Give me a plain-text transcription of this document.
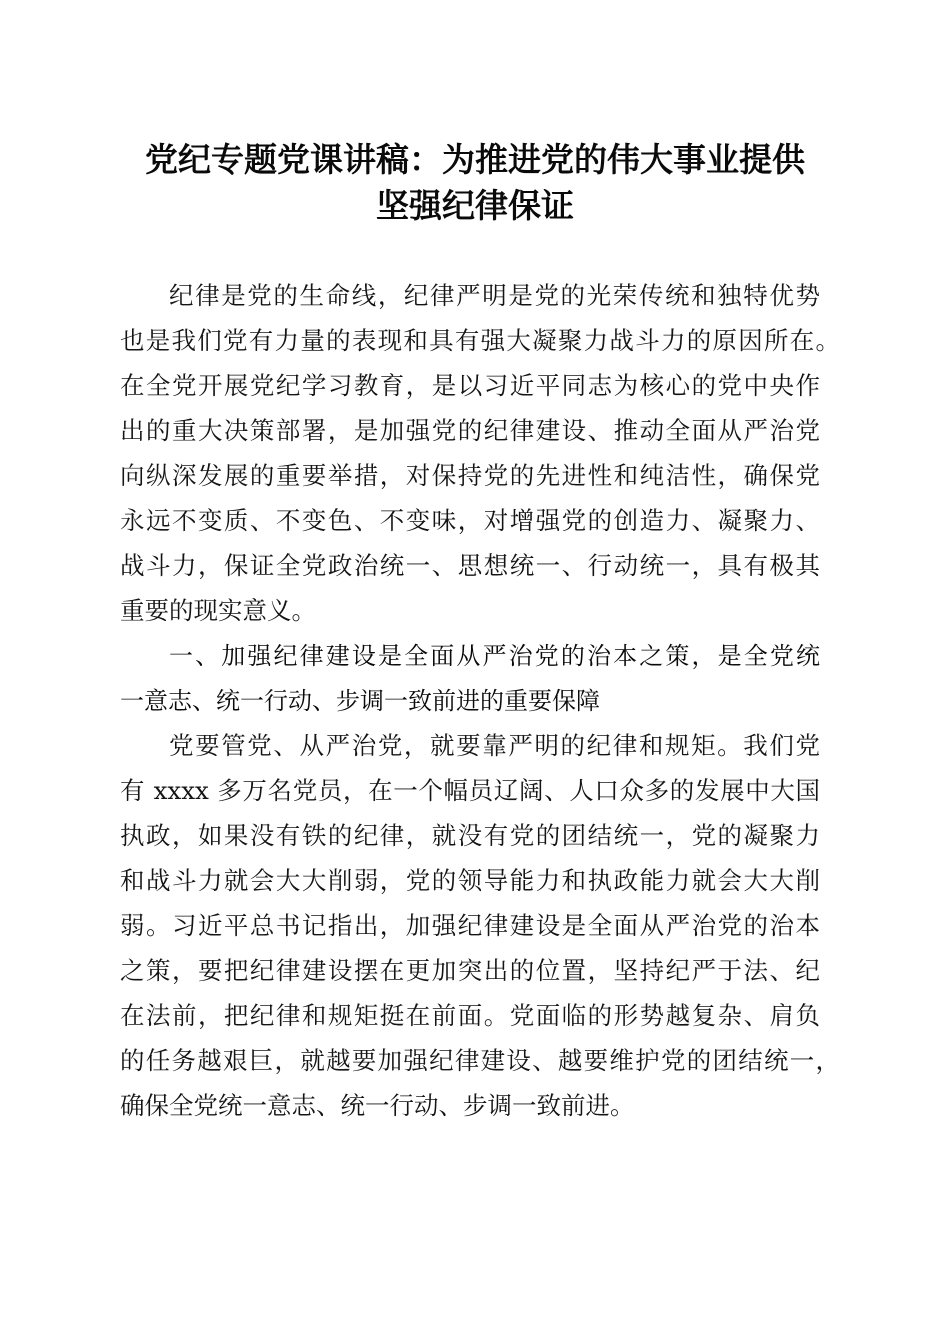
党纪专题党课讲稿：为推进党的伟大事业提供
坚强纪律保证
纪律是党的生命线，纪律严明是党的光荣传统和独特优势
也是我们党有力量的表现和具有强大凝聚力战斗力的原因所在。
在全党开展党纪学习教育，是以习近平同志为核心的党中央作
出的重大决策部署，是加强党的纪律建设、推动全面从严治党
向纵深发展的重要举措，对保持党的先进性和纯洁性，确保党
永远不变质、不变色、不变味，对增强党的创造力、凝聚力、
战斗力，保证全党政治统一、思想统一、行动统一，具有极其
重要的现实意义。
一、加强纪律建设是全面从严治党的治本之策，是全党统
一意志、统一行动、步调一致前进的重要保障
党要管党、从严治党，就要靠严明的纪律和规矩。我们党
有 xxxx 多万名党员，在一个幅员辽阔、人口众多的发展中大国
执政，如果没有铁的纪律，就没有党的团结统一，党的凝聚力
和战斗力就会大大削弱，党的领导能力和执政能力就会大大削
弱。习近平总书记指出，加强纪律建设是全面从严治党的治本
之策，要把纪律建设摆在更加突出的位置，坚持纪严于法、纪
在法前，把纪律和规矩挺在前面。党面临的形势越复杂、肩负
的任务越艰巨，就越要加强纪律建设、越要维护党的团结统一，
确保全党统一意志、统一行动、步调一致前进。
